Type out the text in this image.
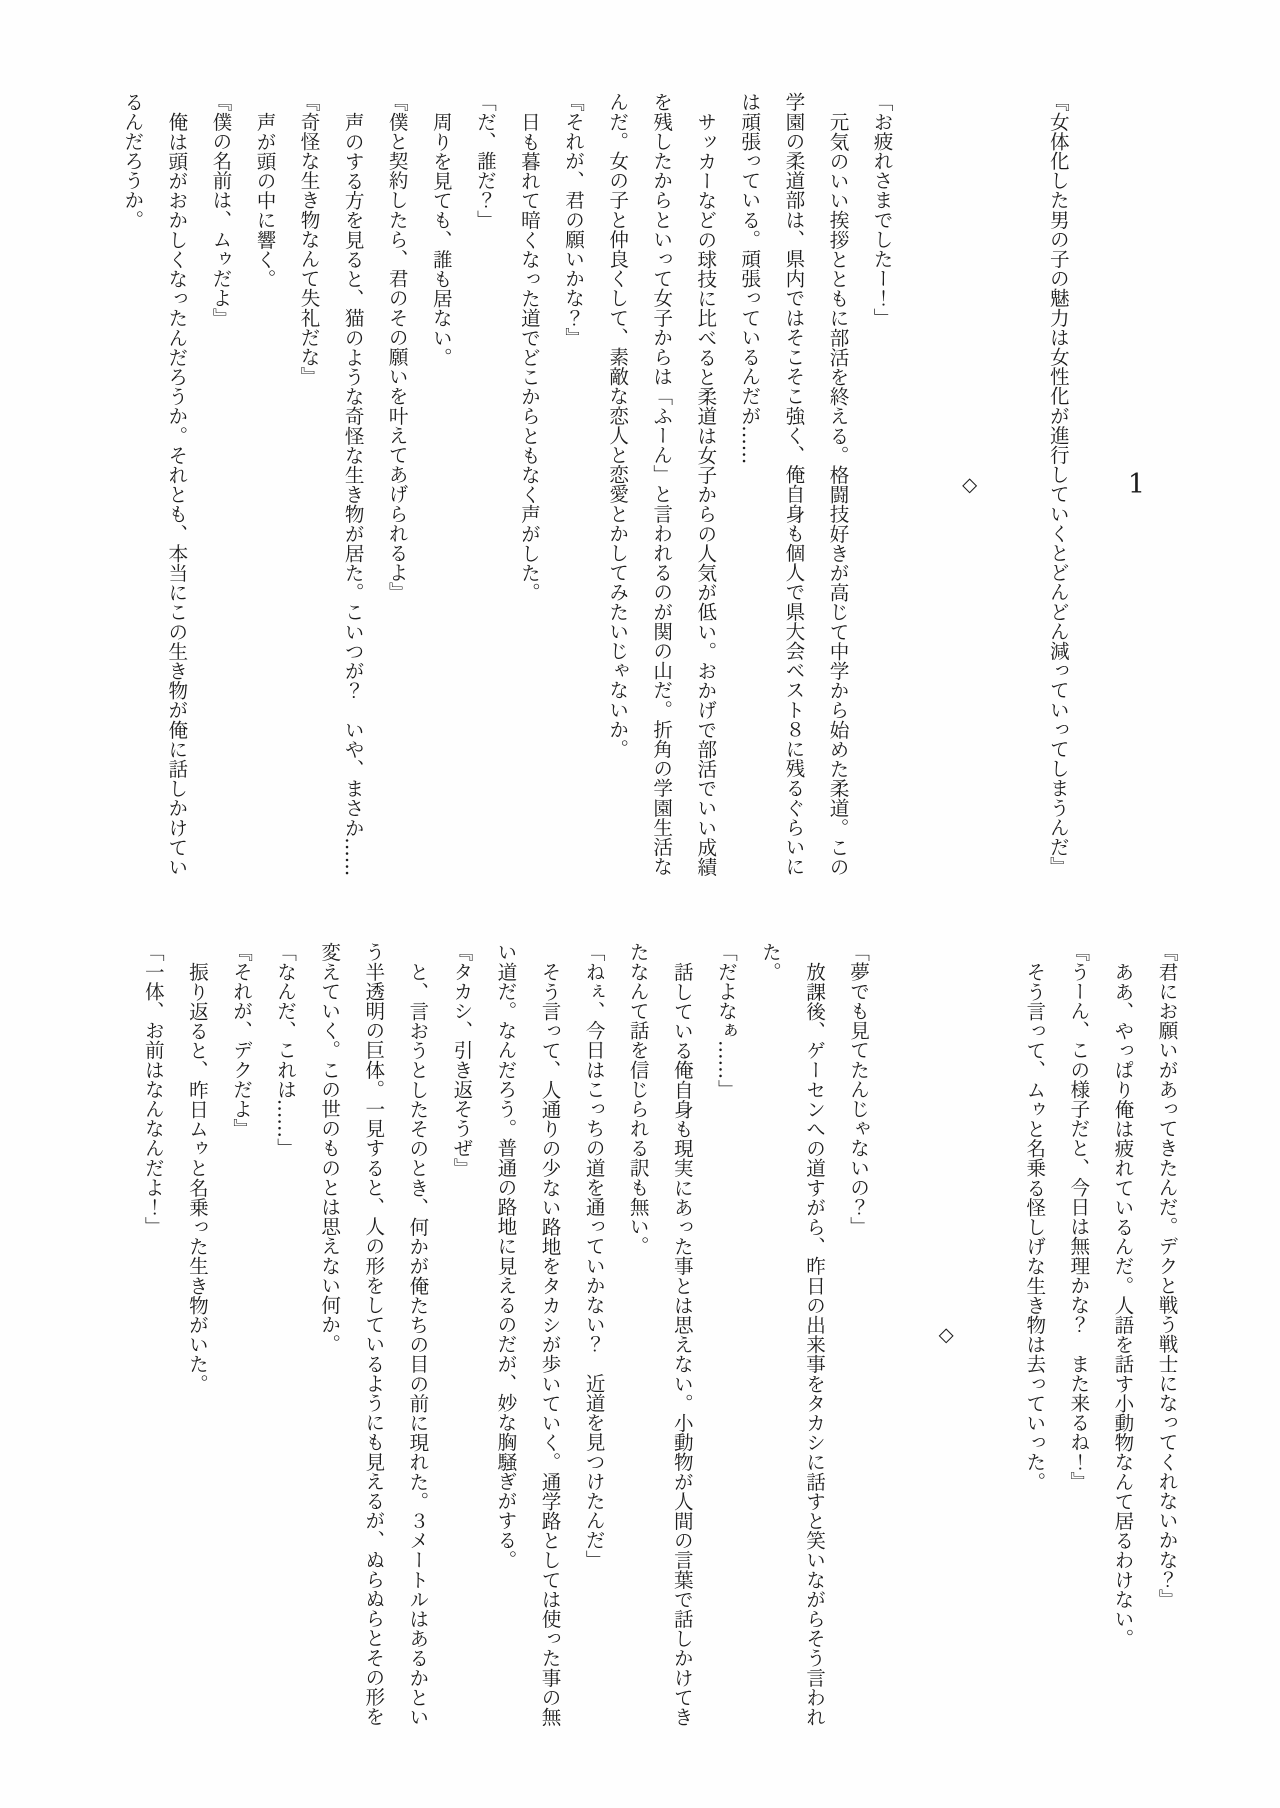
1

『女体化した男の子の魅力は女性化が進行していくとどんどん減っていってしまうんだ』

◇

「お疲れさまでしたー！」

元気のいい挨拶とともに部活を終える。格闘技好きが高じて中学から始めた柔道。この学園の柔道部は、県内ではそこそこ強く、俺自身も個人で県大会ベスト８に残るぐらいには頑張っている。頑張っているんだが……

サッカーなどの球技に比べると柔道は女子からの人気が低い。おかげで部活でいい成績を残したからといって女子からは「ふーん」と言われるのが関の山だ。折角の学園生活なんだ。女の子と仲良くして、素敵な恋人と恋愛とかしてみたいじゃないか。

『それが、君の願いかな？』

日も暮れて暗くなった道でどこからともなく声がした。

「だ、誰だ？」

周りを見ても、誰も居ない。

『僕と契約したら、君のその願いを叶えてあげられるよ』

声のする方を見ると、猫のような奇怪な生き物が居た。こいつが？　いや、まさか……

『奇怪な生き物なんて失礼だな』

声が頭の中に響く。

『僕の名前は、ムゥだよ』

俺は頭がおかしくなったんだろうか。それとも、本当にこの生き物が俺に話しかけているんだろうか。

『君にお願いがあってきたんだ。デクと戦う戦士になってくれないかな？』

ああ、やっぱり俺は疲れているんだ。人語を話す小動物なんて居るわけない。

『うーん、この様子だと、今日は無理かな？　また来るね！』

そう言って、ムゥと名乗る怪しげな生き物は去っていった。

◇

「夢でも見てたんじゃないの？」

放課後、ゲーセンへの道すがら、昨日の出来事をタカシに話すと笑いながらそう言われた。

「だよなぁ……」

話している俺自身も現実にあった事とは思えない。小動物が人間の言葉で話しかけてきたなんて話を信じられる訳も無い。

「ねぇ、今日はこっちの道を通っていかない？　近道を見つけたんだ」

そう言って、人通りの少ない路地をタカシが歩いていく。通学路としては使った事の無い道だ。なんだろう。普通の路地に見えるのだが、妙な胸騒ぎがする。

『タカシ、引き返そうぜ』

と、言おうとしたそのとき、何かが俺たちの目の前に現れた。３メートルはあるかという半透明の巨体。一見すると、人の形をしているようにも見えるが、ぬらぬらとその形を変えていく。この世のものとは思えない何か。

「なんだ、これは……」

『それが、デクだよ』

振り返ると、昨日ムゥと名乗った生き物がいた。

「一体、お前はなんなんだよ！」
